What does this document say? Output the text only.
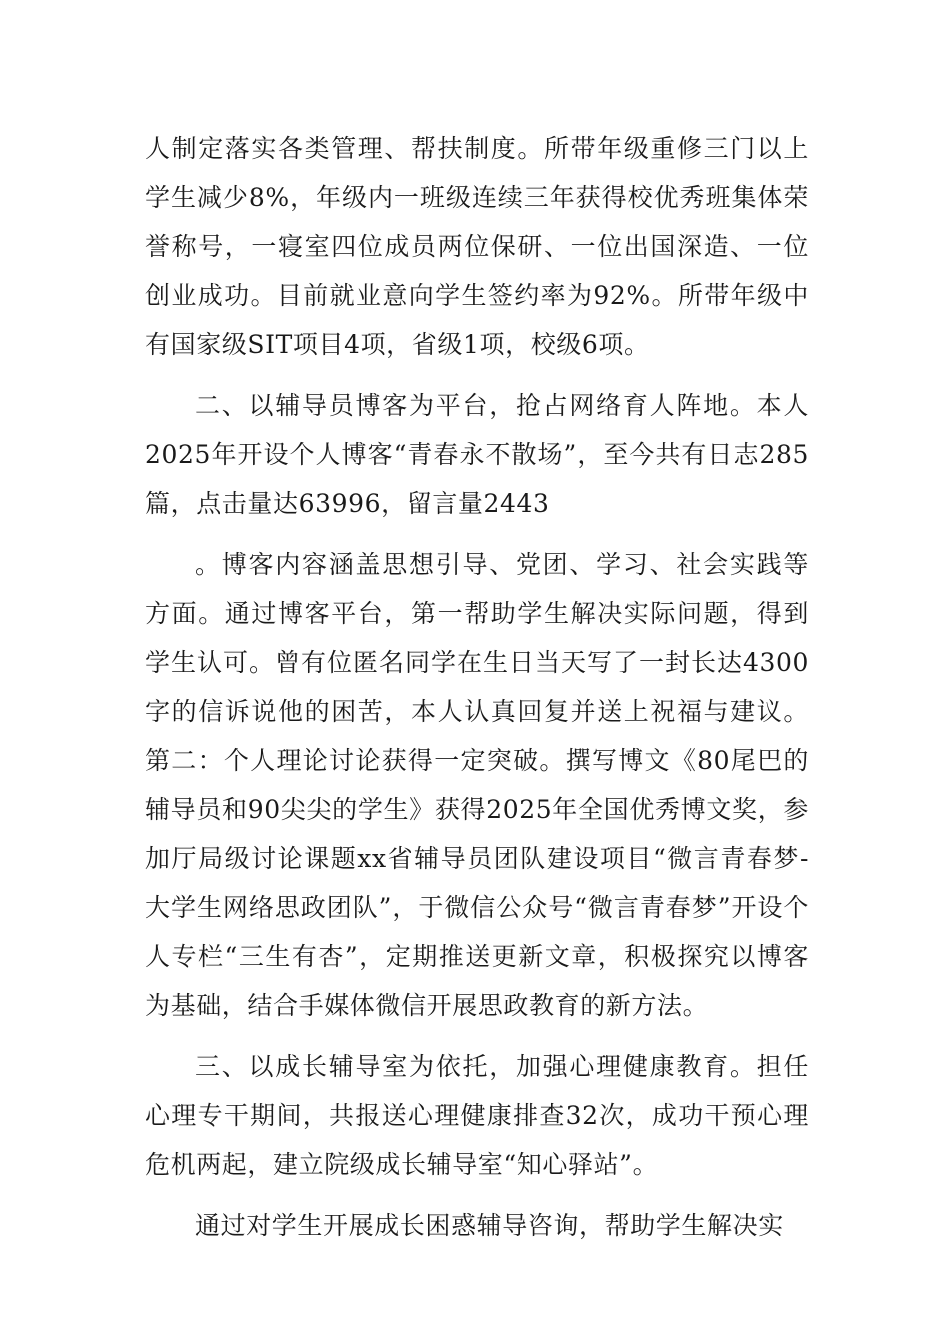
人制定落实各类管理、帮扶制度。所带年级重修三门以上学生减少8%，年级内一班级连续三年获得校优秀班集体荣誉称号，一寝室四位成员两位保研、一位出国深造、一位创业成功。目前就业意向学生签约率为92%。所带年级中有国家级SIT项目4项，省级1项，校级6项。

二、以辅导员博客为平台，抢占网络育人阵地。本人2025年开设个人博客“青春永不散场”，至今共有日志285篇，点击量达63996，留言量2443

。博客内容涵盖思想引导、党团、学习、社会实践等方面。通过博客平台，第一帮助学生解决实际问题，得到学生认可。曾有位匿名同学在生日当天写了一封长达4300字的信诉说他的困苦，本人认真回复并送上祝福与建议。第二：个人理论讨论获得一定突破。撰写博文《80尾巴的辅导员和90尖尖的学生》获得2025年全国优秀博文奖，参加厅局级讨论课题xx省辅导员团队建设项目“微言青春梦-大学生网络思政团队”，于微信公众号“微言青春梦”开设个人专栏“三生有杏”，定期推送更新文章，积极探究以博客为基础，结合手媒体微信开展思政教育的新方法。

三、以成长辅导室为依托，加强心理健康教育。担任心理专干期间，共报送心理健康排查32次，成功干预心理危机两起，建立院级成长辅导室“知心驿站”。

通过对学生开展成长困惑辅导咨询，帮助学生解决实
